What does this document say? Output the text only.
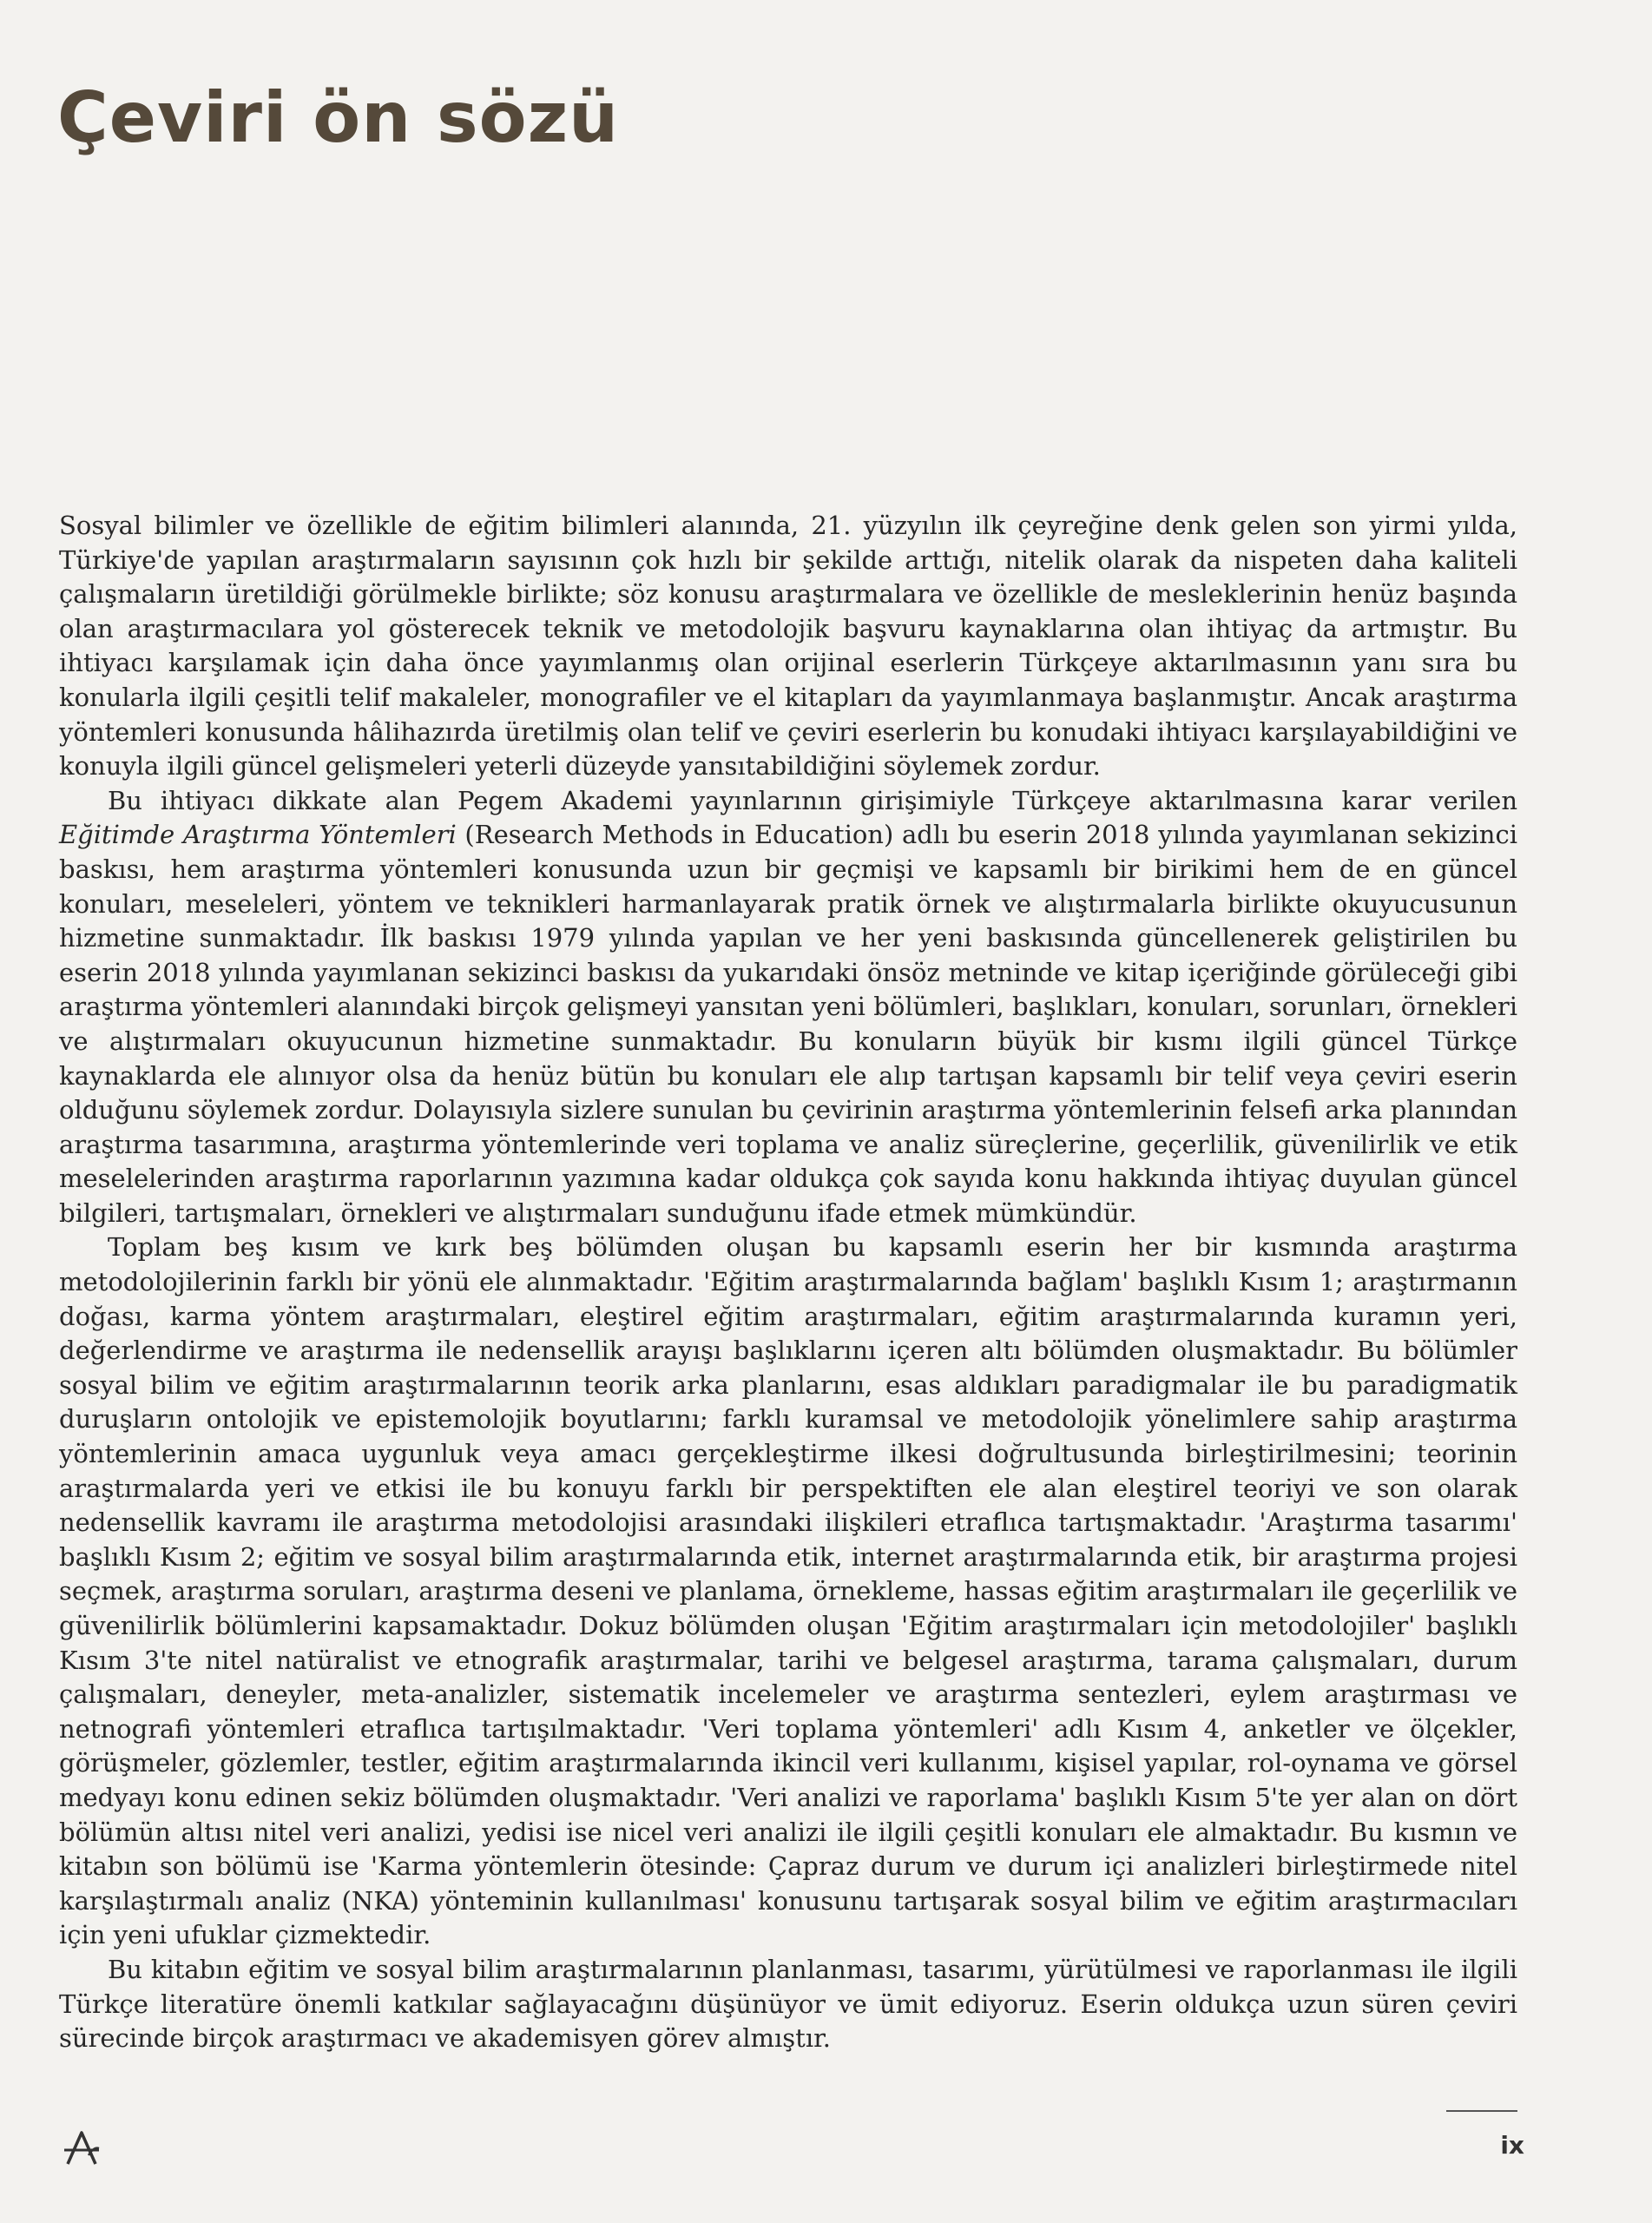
Çeviri ön sözü

Sosyal bilimler ve özellikle de eğitim bilimleri alanında, 21. yüzyılın ilk çeyreğine denk gelen son yirmi yılda, Türkiye'de yapılan araştırmaların sayısının çok hızlı bir şekilde arttığı, nitelik olarak da nispeten daha kaliteli çalışmaların üretildiği görülmekle birlikte; söz konusu araştırmalara ve özellikle de mesleklerinin henüz başında olan araştırmacılara yol gösterecek teknik ve metodolojik başvuru kaynaklarına olan ihtiyaç da artmıştır. Bu ihtiyacı karşılamak için daha önce yayımlanmış olan orijinal eserlerin Türkçeye aktarılmasının yanı sıra bu konularla ilgili çeşitli telif makaleler, monografiler ve el kitapları da yayımlanmaya başlanmıştır. Ancak araştırma yöntemleri konusunda hâlihazırda üretilmiş olan telif ve çeviri eserlerin bu konudaki ihtiyacı karşılayabildiğini ve konuyla ilgili güncel gelişmeleri yeterli düzeyde yansıtabildiğini söylemek zordur.

Bu ihtiyacı dikkate alan Pegem Akademi yayınlarının girişimiyle Türkçeye aktarılmasına karar verilen Eğitimde Araştırma Yöntemleri (Research Methods in Education) adlı bu eserin 2018 yılında yayımlanan sekizinci baskısı, hem araştırma yöntemleri konusunda uzun bir geçmişi ve kapsamlı bir birikimi hem de en güncel konuları, meseleleri, yöntem ve teknikleri harmanlayarak pratik örnek ve alıştırmalarla birlikte okuyucusunun hizmetine sunmaktadır. İlk baskısı 1979 yılında yapılan ve her yeni baskısında güncellenerek geliştirilen bu eserin 2018 yılında yayımlanan sekizinci baskısı da yukarıdaki önsöz metninde ve kitap içeriğinde görüleceği gibi araştırma yöntemleri alanındaki birçok gelişmeyi yansıtan yeni bölümleri, başlıkları, konuları, sorunları, örnekleri ve alıştırmaları okuyucunun hizmetine sunmaktadır. Bu konuların büyük bir kısmı ilgili güncel Türkçe kaynaklarda ele alınıyor olsa da henüz bütün bu konuları ele alıp tartışan kapsamlı bir telif veya çeviri eserin olduğunu söylemek zordur. Dolayısıyla sizlere sunulan bu çevirinin araştırma yöntemlerinin felsefi arka planından araştırma tasarımına, araştırma yöntemlerinde veri toplama ve analiz süreçlerine, geçerlilik, güvenilirlik ve etik meselelerinden araştırma raporlarının yazımına kadar oldukça çok sayıda konu hakkında ihtiyaç duyulan güncel bilgileri, tartışmaları, örnekleri ve alıştırmaları sunduğunu ifade etmek mümkündür.

Toplam beş kısım ve kırk beş bölümden oluşan bu kapsamlı eserin her bir kısmında araştırma metodolojilerinin farklı bir yönü ele alınmaktadır. 'Eğitim araştırmalarında bağlam' başlıklı Kısım 1; araştırmanın doğası, karma yöntem araştırmaları, eleştirel eğitim araştırmaları, eğitim araştırmalarında kuramın yeri, değerlendirme ve araştırma ile nedensellik arayışı başlıklarını içeren altı bölümden oluşmaktadır. Bu bölümler sosyal bilim ve eğitim araştırmalarının teorik arka planlarını, esas aldıkları paradigmalar ile bu paradigmatik duruşların ontolojik ve epistemolojik boyutlarını; farklı kuramsal ve metodolojik yönelimlere sahip araştırma yöntemlerinin amaca uygunluk veya amacı gerçekleştirme ilkesi doğrultusunda birleştirilmesini; teorinin araştırmalarda yeri ve etkisi ile bu konuyu farklı bir perspektiften ele alan eleştirel teoriyi ve son olarak nedensellik kavramı ile araştırma metodolojisi arasındaki ilişkileri etraflıca tartışmaktadır. 'Araştırma tasarımı' başlıklı Kısım 2; eğitim ve sosyal bilim araştırmalarında etik, internet araştırmalarında etik, bir araştırma projesi seçmek, araştırma soruları, araştırma deseni ve planlama, örnekleme, hassas eğitim araştırmaları ile geçerlilik ve güvenilirlik bölümlerini kapsamaktadır. Dokuz bölümden oluşan 'Eğitim araştırmaları için metodolojiler' başlıklı Kısım 3'te nitel natüralist ve etnografik araştırmalar, tarihi ve belgesel araştırma, tarama çalışmaları, durum çalışmaları, deneyler, meta-analizler, sistematik incelemeler ve araştırma sentezleri, eylem araştırması ve netnografi yöntemleri etraflıca tartışılmaktadır. 'Veri toplama yöntemleri' adlı Kısım 4, anketler ve ölçekler, görüşmeler, gözlemler, testler, eğitim araştırmalarında ikincil veri kullanımı, kişisel yapılar, rol-oynama ve görsel medyayı konu edinen sekiz bölümden oluşmaktadır. 'Veri analizi ve raporlama' başlıklı Kısım 5'te yer alan on dört bölümün altısı nitel veri analizi, yedisi ise nicel veri analizi ile ilgili çeşitli konuları ele almaktadır. Bu kısmın ve kitabın son bölümü ise 'Karma yöntemlerin ötesinde: Çapraz durum ve durum içi analizleri birleştirmede nitel karşılaştırmalı analiz (NKA) yönteminin kullanılması' konusunu tartışarak sosyal bilim ve eğitim araştırmacıları için yeni ufuklar çizmektedir.

Bu kitabın eğitim ve sosyal bilim araştırmalarının planlanması, tasarımı, yürütülmesi ve raporlanması ile ilgili Türkçe literatüre önemli katkılar sağlayacağını düşünüyor ve ümit ediyoruz. Eserin oldukça uzun süren çeviri sürecinde birçok araştırmacı ve akademisyen görev almıştır.

ix
